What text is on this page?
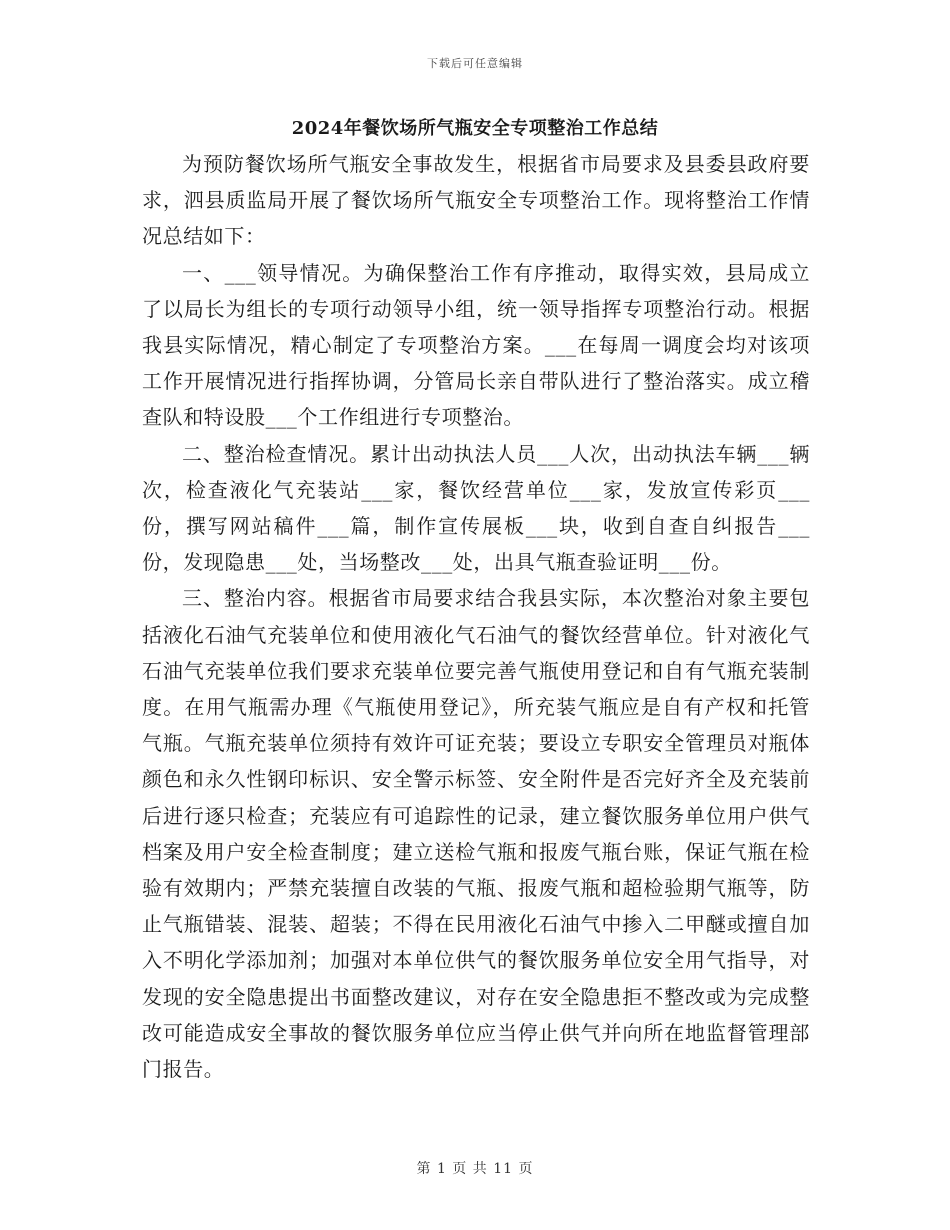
下载后可任意编辑
2024年餐饮场所气瓶安全专项整治工作总结

为预防餐饮场所气瓶安全事故发生，根据省市局要求及县委县政府要求，泗县质监局开展了餐饮场所气瓶安全专项整治工作。现将整治工作情况总结如下：

一、___领导情况。为确保整治工作有序推动，取得实效，县局成立了以局长为组长的专项行动领导小组，统一领导指挥专项整治行动。根据我县实际情况，精心制定了专项整治方案。___在每周一调度会均对该项工作开展情况进行指挥协调，分管局长亲自带队进行了整治落实。成立稽查队和特设股___个工作组进行专项整治。

二、整治检查情况。累计出动执法人员___人次，出动执法车辆___辆次，检查液化气充装站___家，餐饮经营单位___家，发放宣传彩页___份，撰写网站稿件___篇，制作宣传展板___块，收到自查自纠报告___份，发现隐患___处，当场整改___处，出具气瓶查验证明___份。

三、整治内容。根据省市局要求结合我县实际，本次整治对象主要包括液化石油气充装单位和使用液化气石油气的餐饮经营单位。针对液化气石油气充装单位我们要求充装单位要完善气瓶使用登记和自有气瓶充装制度。在用气瓶需办理《气瓶使用登记》，所充装气瓶应是自有产权和托管气瓶。气瓶充装单位须持有效许可证充装；要设立专职安全管理员对瓶体颜色和永久性钢印标识、安全警示标签、安全附件是否完好齐全及充装前后进行逐只检查；充装应有可追踪性的记录，建立餐饮服务单位用户供气档案及用户安全检查制度；建立送检气瓶和报废气瓶台账，保证气瓶在检验有效期内；严禁充装擅自改装的气瓶、报废气瓶和超检验期气瓶等，防止气瓶错装、混装、超装；不得在民用液化石油气中掺入二甲醚或擅自加入不明化学添加剂；加强对本单位供气的餐饮服务单位安全用气指导，对发现的安全隐患提出书面整改建议，对存在安全隐患拒不整改或为完成整改可能造成安全事故的餐饮服务单位应当停止供气并向所在地监督管理部门报告。

第 1 页 共 11 页
